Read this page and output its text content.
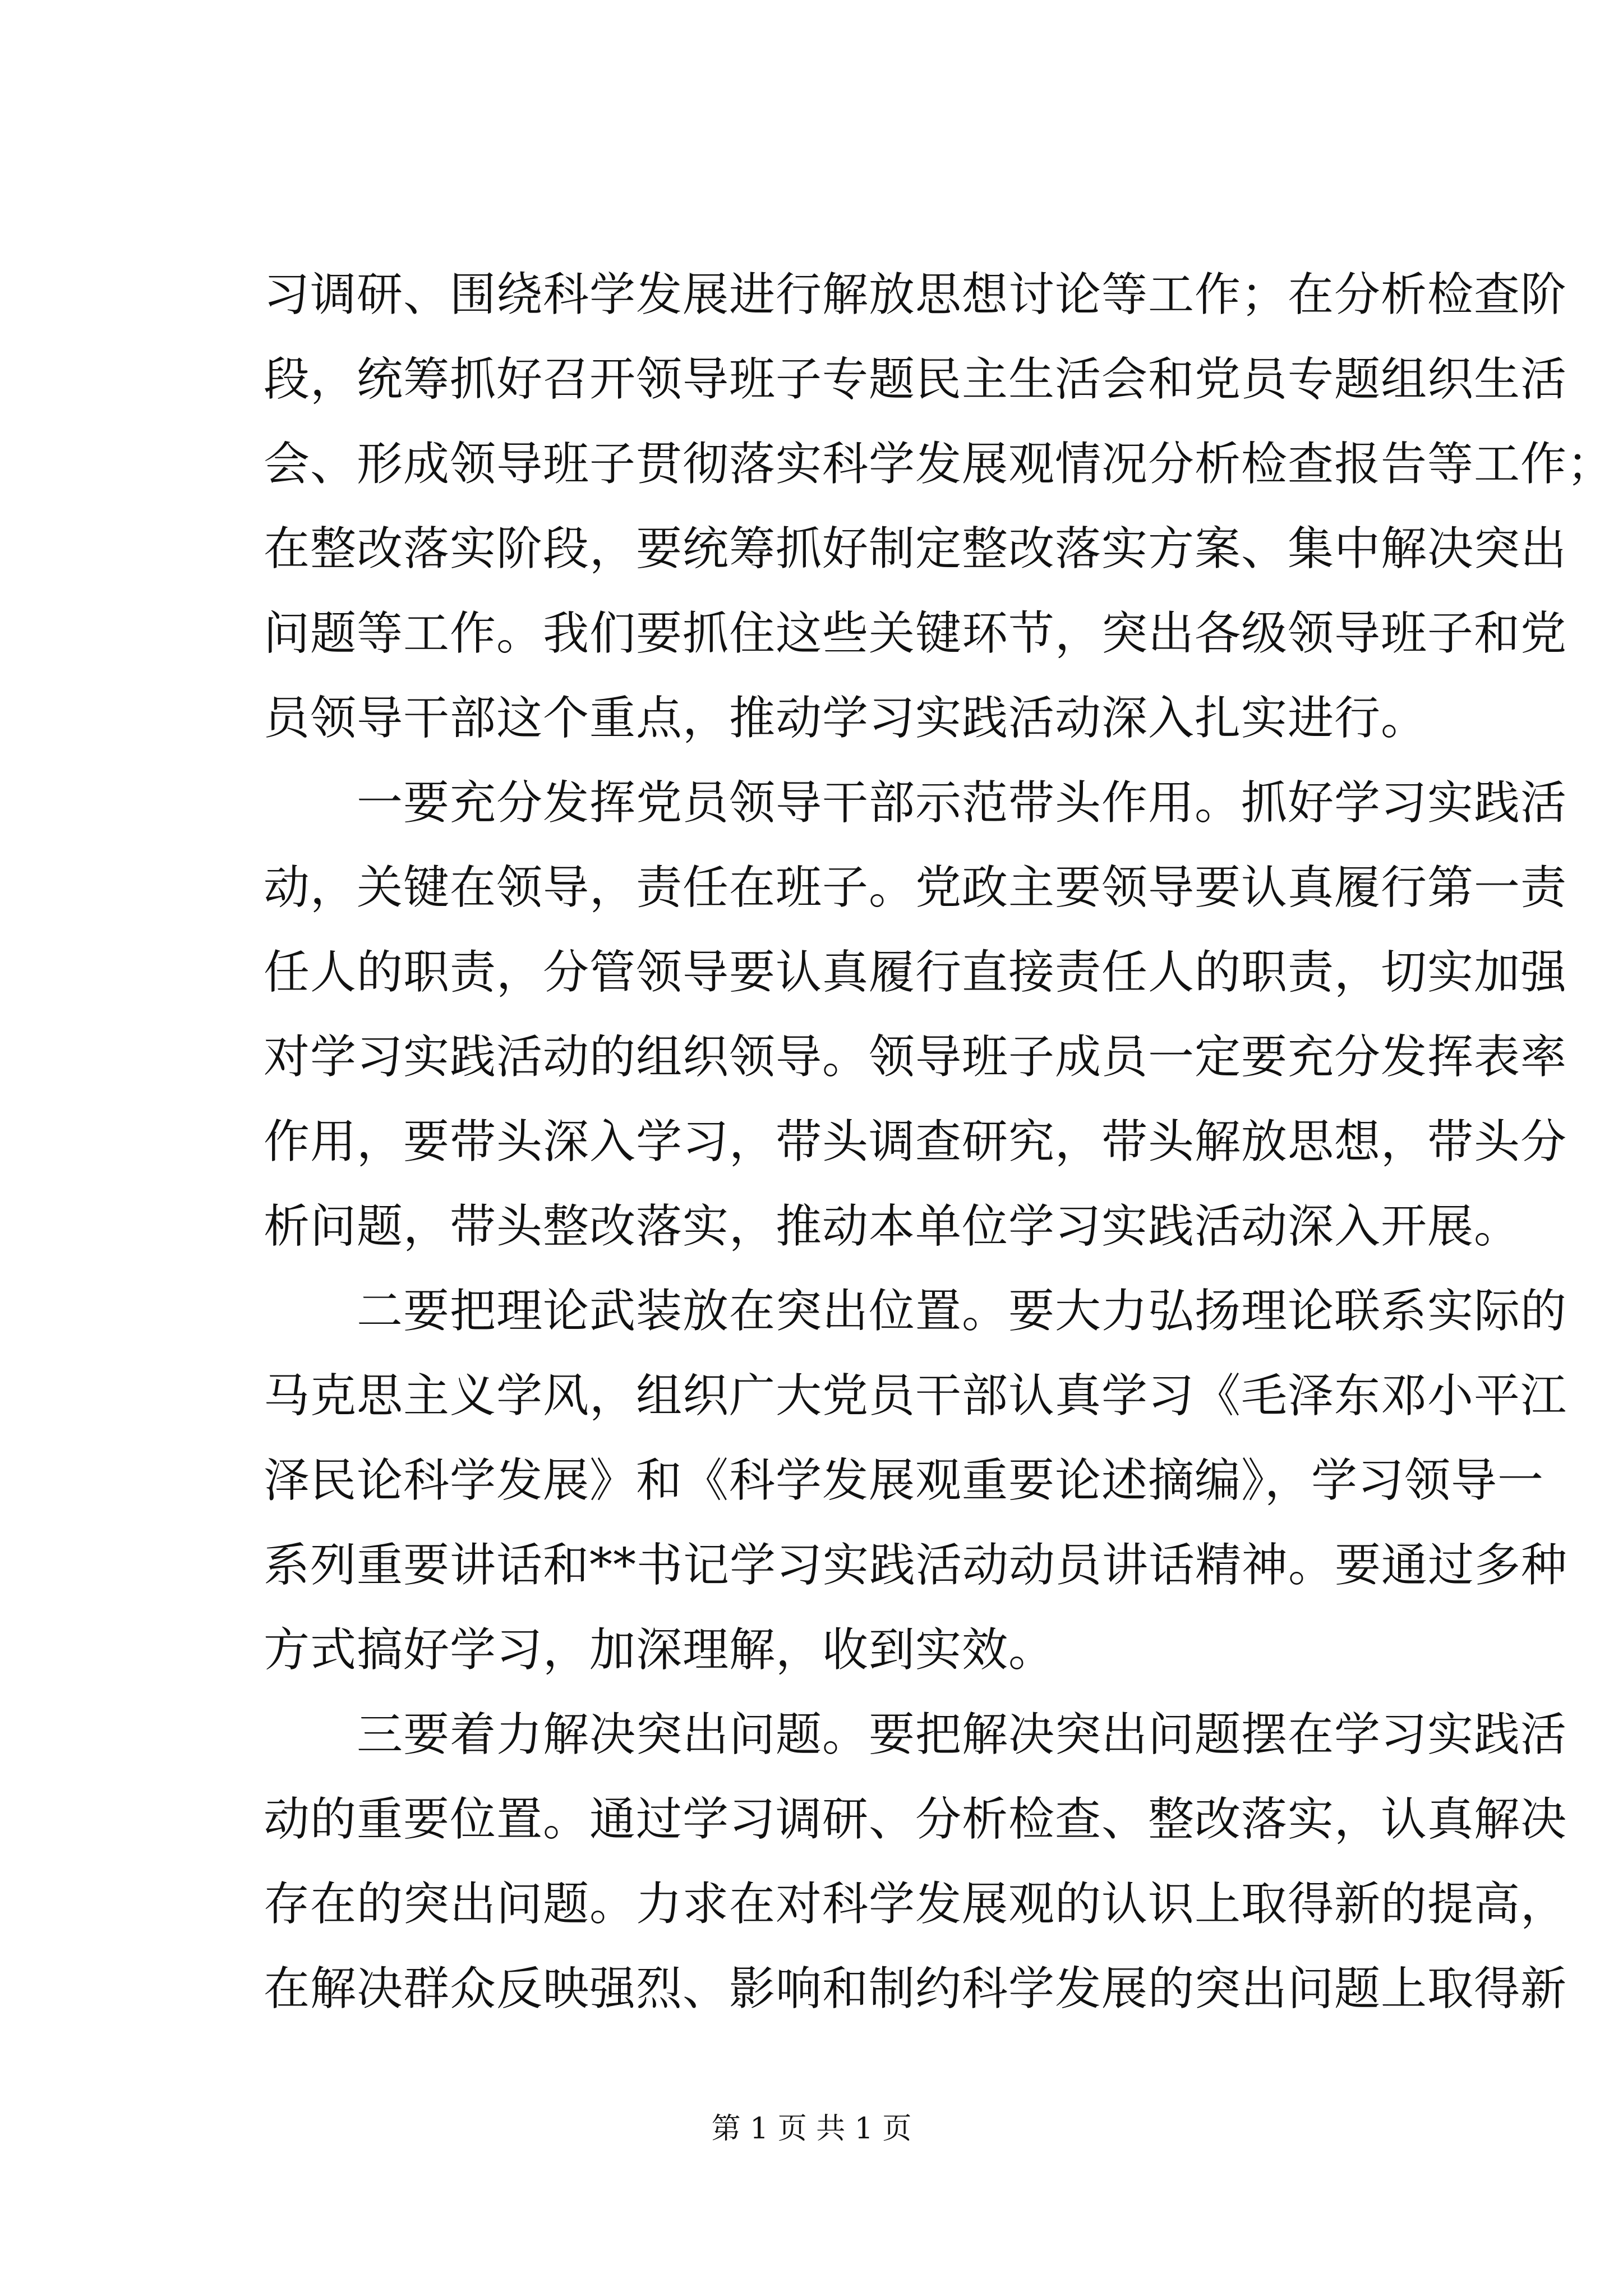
习调研、围绕科学发展进行解放思想讨论等工作；在分析检查阶
段，统筹抓好召开领导班子专题民主生活会和党员专题组织生活
会、形成领导班子贯彻落实科学发展观情况分析检查报告等工作；
在整改落实阶段，要统筹抓好制定整改落实方案、集中解决突出
问题等工作。我们要抓住这些关键环节，突出各级领导班子和党
员领导干部这个重点，推动学习实践活动深入扎实进行。
　　一要充分发挥党员领导干部示范带头作用。抓好学习实践活
动，关键在领导，责任在班子。党政主要领导要认真履行第一责
任人的职责，分管领导要认真履行直接责任人的职责，切实加强
对学习实践活动的组织领导。领导班子成员一定要充分发挥表率
作用，要带头深入学习，带头调查研究，带头解放思想，带头分
析问题，带头整改落实，推动本单位学习实践活动深入开展。
　　二要把理论武装放在突出位置。要大力弘扬理论联系实际的
马克思主义学风，组织广大党员干部认真学习《毛泽东邓小平江
泽民论科学发展》和《科学发展观重要论述摘编》，学习领导一
系列重要讲话和**书记学习实践活动动员讲话精神。要通过多种
方式搞好学习，加深理解，收到实效。
　　三要着力解决突出问题。要把解决突出问题摆在学习实践活
动的重要位置。通过学习调研、分析检查、整改落实，认真解决
存在的突出问题。力求在对科学发展观的认识上取得新的提高，
在解决群众反映强烈、影响和制约科学发展的突出问题上取得新
第 1 页 共 1 页
